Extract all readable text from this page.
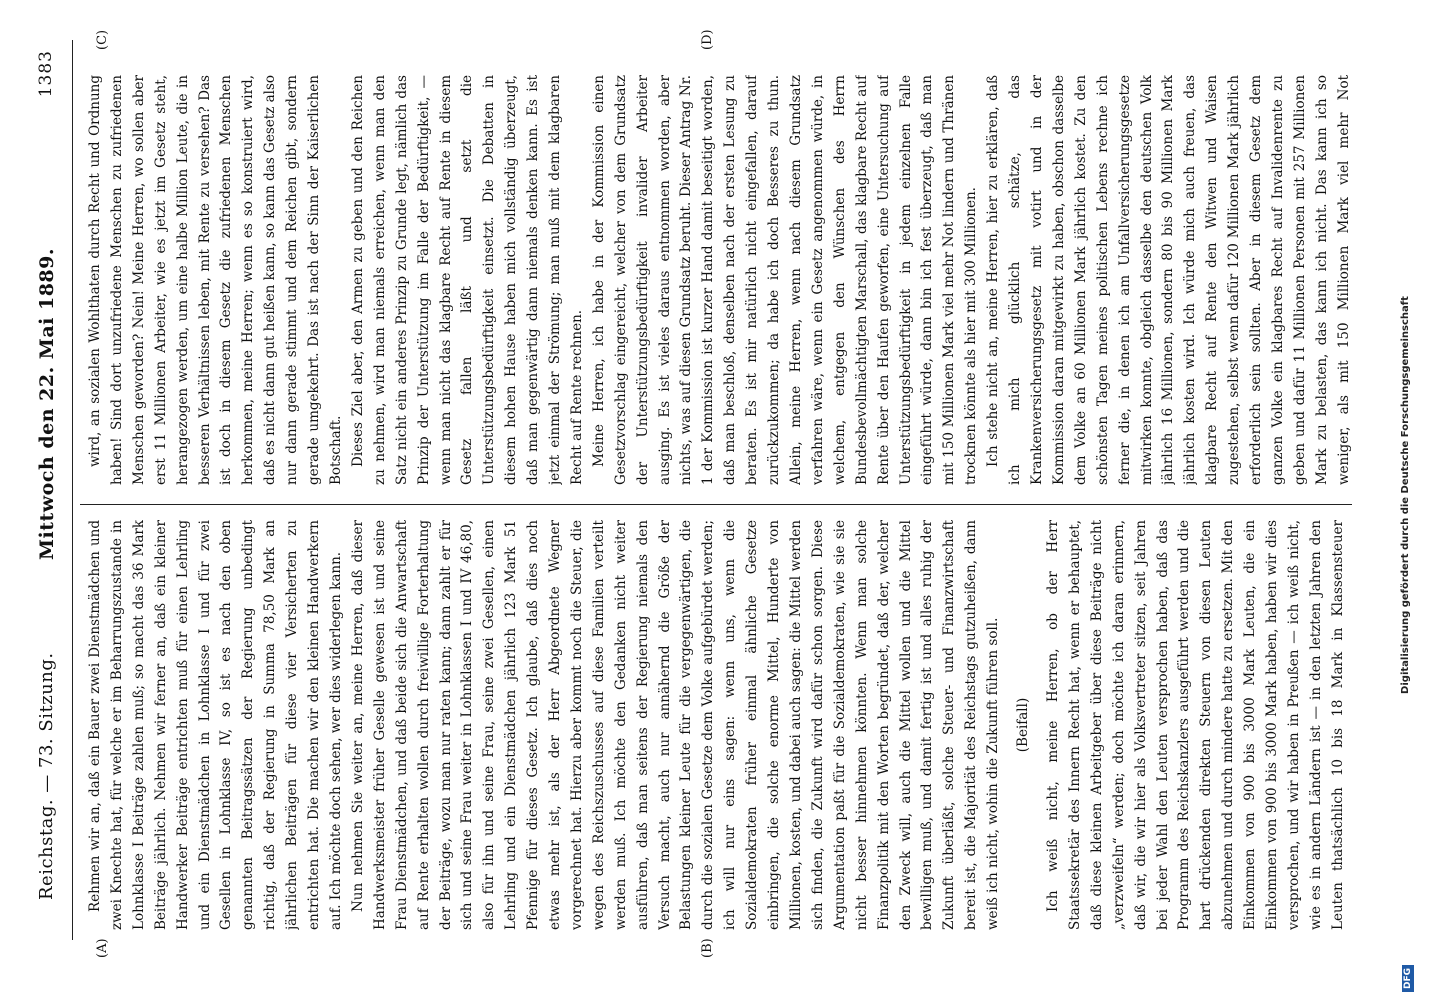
Reichstag. — 73. Sitzung.
Mittwoch den 22. Mai 1889.
1383
(A)	(B)
(C)	(D)

Rehmen wir an, daß ein Bauer zwei Dienstmädchen und zwei Knechte hat, für welche er im Beharrungszustande in Lohnklasse I Beiträge zahlen muß; so macht das 36 Mark Beiträge jährlich. Nehmen wir ferner an, daß ein kleiner Handwerker Beiträge entrichten muß für einen Lehrling und ein Dienstmädchen in Lohnklasse I und für zwei Gesellen in Lohnklasse IV, so ist es nach den oben genannten Beitragssätzen der Regierung unbedingt richtig, daß der Regierung in Summa 78,50 Mark an jährlichen Beiträgen für diese vier Versicherten zu entrichten hat. Die machen wir den kleinen Handwerkern auf. Ich möchte doch sehen, wer dies widerlegen kann. Nun nehmen Sie weiter an, meine Herren, daß dieser Handwerksmeister früher Geselle gewesen ist und seine Frau Dienstmädchen, und daß beide sich die Anwartschaft auf Rente erhalten wollen durch freiwillige Forterhaltung der Beiträge, wozu man nur raten kann; dann zahlt er für sich und seine Frau weiter in Lohnklassen I und IV 46,80, also für ihn und seine Frau, seine zwei Gesellen, einen Lehrling und ein Dienstmädchen jährlich 123 Mark 51 Pfennige für dieses Gesetz. Ich glaube, daß dies noch etwas mehr ist, als der Herr Abgeordnete Wegner vorgerechnet hat. Hierzu aber kommt noch die Steuer, die wegen des Reichszuschusses auf diese Familien verteilt werden muß. Ich möchte den Gedanken nicht weiter ausführen, daß man seitens der Regierung niemals den Versuch macht, auch nur annähernd die Größe der Belastungen kleiner Leute für die vergegenwärtigen, die durch die sozialen Gesetze dem Volke aufgebürdet werden; ich will nur eins sagen: wenn uns, wenn die Sozialdemokraten früher einmal ähnliche Gesetze einbringen, die solche enorme Mittel, Hunderte von Millionen, kosten, und dabei auch sagen: die Mittel werden sich finden, die Zukunft wird dafür schon sorgen. Diese Argumentation paßt für die Sozialdemokraten, wie sie sie nicht besser hinnehmen könnten. Wenn man solche Finanzpolitik mit den Worten begründet, daß der, welcher den Zweck will, auch die Mittel wollen und die Mittel bewilligen muß, und damit fertig ist und alles ruhig der Zukunft überläßt, solche Steuer- und Finanzwirtschaft bereit ist, die Majorität des Reichstags gutzuheißen, dann weiß ich nicht, wohin die Zukunft führen soll. (Beifall)

Ich weiß nicht, meine Herren, ob der Herr Staatssekretär des Innern Recht hat, wenn er behauptet, daß diese kleinen Arbeitgeber über diese Beiträge nicht „verzweifeln“ werden; doch möchte ich daran erinnern, daß wir, die wir hier als Volksvertreter sitzen, seit Jahren bei jeder Wahl den Leuten versprochen haben, daß das Programm des Reichskanzlers ausgeführt werden und die hart drückenden direkten Steuern von diesen Leuten abzunehmen und durch mindere hatte zu ersetzen. Mit den Einkommen von 900 bis 3000 Mark Leuten, die ein Einkommen von 900 bis 3000 Mark haben, haben wir dies versprochen, und wir haben in Preußen — ich weiß nicht, wie es in andern Ländern ist — in den letzten Jahren den Leuten thatsächlich 10 bis 18 Mark in Klassensteuer

wird, an sozialen Wohlthaten durch Recht und Ordnung haben! Sind dort unzufriedene Menschen zu zufriedenen Menschen geworden? Nein! Meine Herren, wo sollen aber erst 11 Millionen Arbeiter, wie es jetzt im Gesetz steht, herangezogen werden, um eine halbe Million Leute, die in besseren Verhältnissen leben, mit Rente zu versehen? Das ist doch in diesem Gesetz die zufriedenen Menschen herkommen, meine Herren; wenn es so konstruiert wird, daß es nicht dann gut heißen kann, so kann das Gesetz also nur dann gerade stimmt und dem Reichen gibt, sondern gerade umgekehrt. Das ist nach der Sinn der Kaiserlichen Botschaft. Dieses Ziel aber, den Armen zu geben und den Reichen zu nehmen, wird man niemals erreichen, wenn man den Satz nicht ein anderes Prinzip zu Grunde legt, nämlich das Prinzip der Unterstützung im Falle der Bedürftigkeit, — wenn man nicht das klagbare Recht auf Rente in diesem Gesetz fallen läßt und setzt die Unterstützungsbedürftigkeit einsetzt. Die Debatten in diesem hohen Hause haben mich vollständig überzeugt, daß man gegenwärtig dann niemals denken kann. Es ist jetzt einmal der Strömung; man muß mit dem klagbaren Recht auf Rente rechnen. Meine Herren, ich habe in der Kommission einen Gesetzvorschlag eingereicht, welcher von dem Grundsatz der Unterstützungsbedürftigkeit invalider Arbeiter ausging. Es ist vieles daraus entnommen worden, aber nichts, was auf diesen Grundsatz beruht. Dieser Antrag Nr. 1 der Kommission ist kurzer Hand damit beseitigt worden, daß man beschloß, denselben nach der ersten Lesung zu beraten. Es ist mir natürlich nicht eingefallen, darauf zurückzukommen; da habe ich doch Besseres zu thun. Allein, meine Herren, wenn nach diesem Grundsatz verfahren wäre, wenn ein Gesetz angenommen würde, in welchem, entgegen den Wünschen des Herrn Bundesbevollmächtigten Marschall, das klagbare Recht auf Rente über den Haufen geworfen, eine Untersuchung auf Unterstützungsbedürftigkeit in jedem einzelnen Falle eingeführt würde, dann bin ich fest überzeugt, daß man mit 150 Millionen Mark viel mehr Not lindern und Thränen trocknen könnte als hier mit 300 Millionen. Ich stehe nicht an, meine Herren, hier zu erklären, daß ich mich glücklich schätze, das Krankenversicherungsgesetz mit votirt und in der Kommission daran mitgewirkt zu haben, obschon dasselbe dem Volke an 60 Millionen Mark jährlich kostet. Zu den schönsten Tagen meines politischen Lebens rechne ich ferner die, in denen ich am Unfallversicherungsgesetze mitwirken konnte, obgleich dasselbe den deutschen Volk jährlich 16 Millionen, sondern 80 bis 90 Millionen Mark jährlich kosten wird. Ich würde mich auch freuen, das klagbare Recht auf Rente den Witwen und Waisen zugestehen, selbst wenn dafür 120 Millionen Mark jährlich erforderlich sein sollten. Aber in diesem Gesetz dem ganzen Volke ein klagbares Recht auf Invalidenrente zu geben und dafür 11 Millionen Personen mit 257 Millionen Mark zu belasten, das kann ich nicht. Das kann ich so weniger, als mit 150 Millionen Mark viel mehr Not

DFG
Digitalisierung gefördert durch die Deutsche Forschungsgemeinschaft
